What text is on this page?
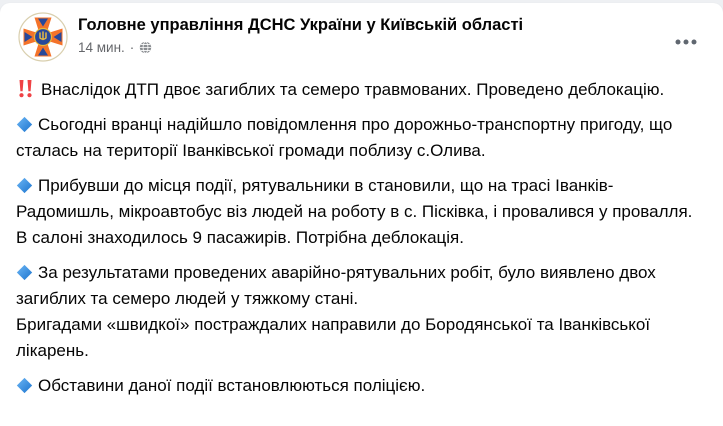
Головне управління ДСНС України у Київській області
14 мин. ·

Внаслідок ДТП двоє загиблих та семеро травмованих. Проведено деблокацію.

Сьогодні вранці надійшло повідомлення про дорожньо-транспортну пригоду, що сталась на території Іванківської громади поблизу с.Олива.

Прибувши до місця події, рятувальники в становили, що на трасі Іванків-Радомишль, мікроавтобус віз людей на роботу в с. Пісківка, і провалився у провалля. В салоні знаходилось 9 пасажирів. Потрібна деблокація.

За результатами проведених аварійно-рятувальних робіт, було виявлено двох загиблих та семеро людей у тяжкому стані.
Бригадами «швидкої» постраждалих направили до Бородянської та Іванківської лікарень.

Обставини даної події встановлюються поліцією.
